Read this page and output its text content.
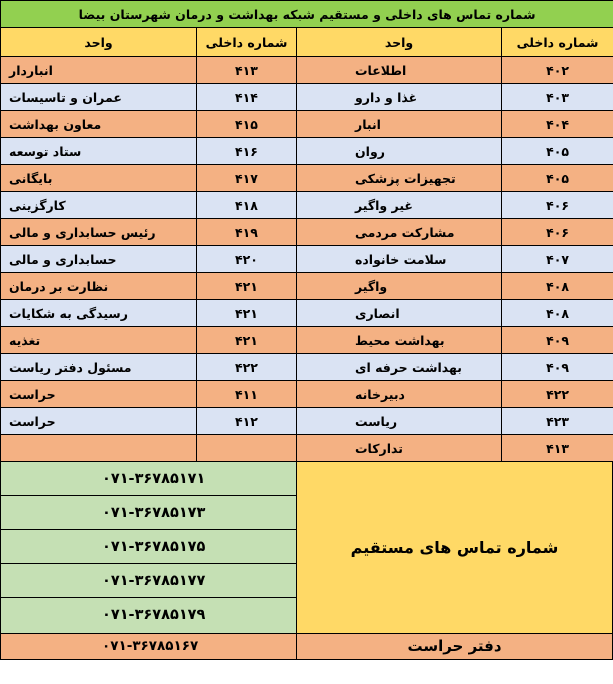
شماره تماس های داخلی و مستقیم شبکه بهداشت و درمان شهرستان بیضا			
واحد	شماره داخلی	واحد	شماره داخلی
انباردار	۴۱۳	اطلاعات	۴۰۲
عمران و تاسیسات	۴۱۴	غذا و دارو	۴۰۳
معاون بهداشت	۴۱۵	انبار	۴۰۴
ستاد توسعه	۴۱۶	روان	۴۰۵
بایگانی	۴۱۷	تجهیزات پزشکی	۴۰۵
کارگزینی	۴۱۸	غیر واگیر	۴۰۶
رئیس حسابداری و مالی	۴۱۹	مشارکت مردمی	۴۰۶
حسابداری و مالی	۴۲۰	سلامت خانواده	۴۰۷
نظارت بر درمان	۴۲۱	واگیر	۴۰۸
رسیدگی به شکایات	۴۲۱	انصاری	۴۰۸
تغذیه	۴۲۱	بهداشت محیط	۴۰۹
مسئول دفتر ریاست	۴۲۲	بهداشت حرفه ای	۴۰۹
حراست	۴۱۱	دبیرخانه	۴۲۲
حراست	۴۱۲	ریاست	۴۲۳
		تدارکات	۴۱۳
۰۷۱-۳۶۷۸۵۱۷۱
۰۷۱-۳۶۷۸۵۱۷۳
۰۷۱-۳۶۷۸۵۱۷۵
۰۷۱-۳۶۷۸۵۱۷۷
۰۷۱-۳۶۷۸۵۱۷۹
شماره تماس های مستقیم
۰۷۱-۳۶۷۸۵۱۶۷	دفتر حراست
